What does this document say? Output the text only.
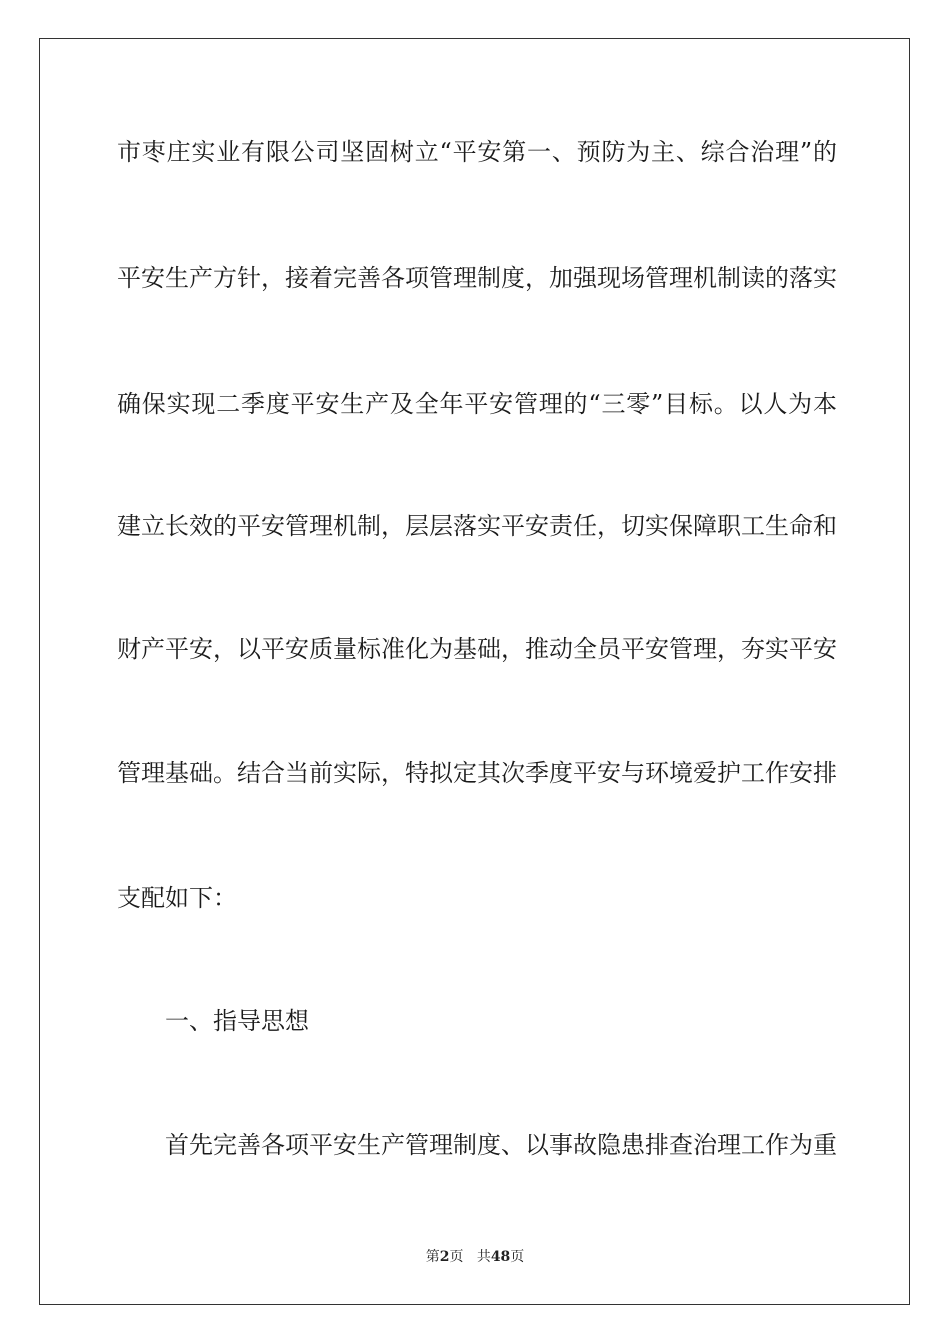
市枣庄实业有限公司坚固树立“平安第一、预防为主、综合治理”的
平安生产方针，接着完善各项管理制度，加强现场管理机制读的落实
确保实现二季度平安生产及全年平安管理的“三零”目标。以人为本
建立长效的平安管理机制，层层落实平安责任，切实保障职工生命和
财产平安，以平安质量标准化为基础，推动全员平安管理，夯实平安
管理基础。结合当前实际，特拟定其次季度平安与环境爱护工作安排
支配如下：
一、指导思想
首先完善各项平安生产管理制度、以事故隐患排查治理工作为重
第2页 共48页
